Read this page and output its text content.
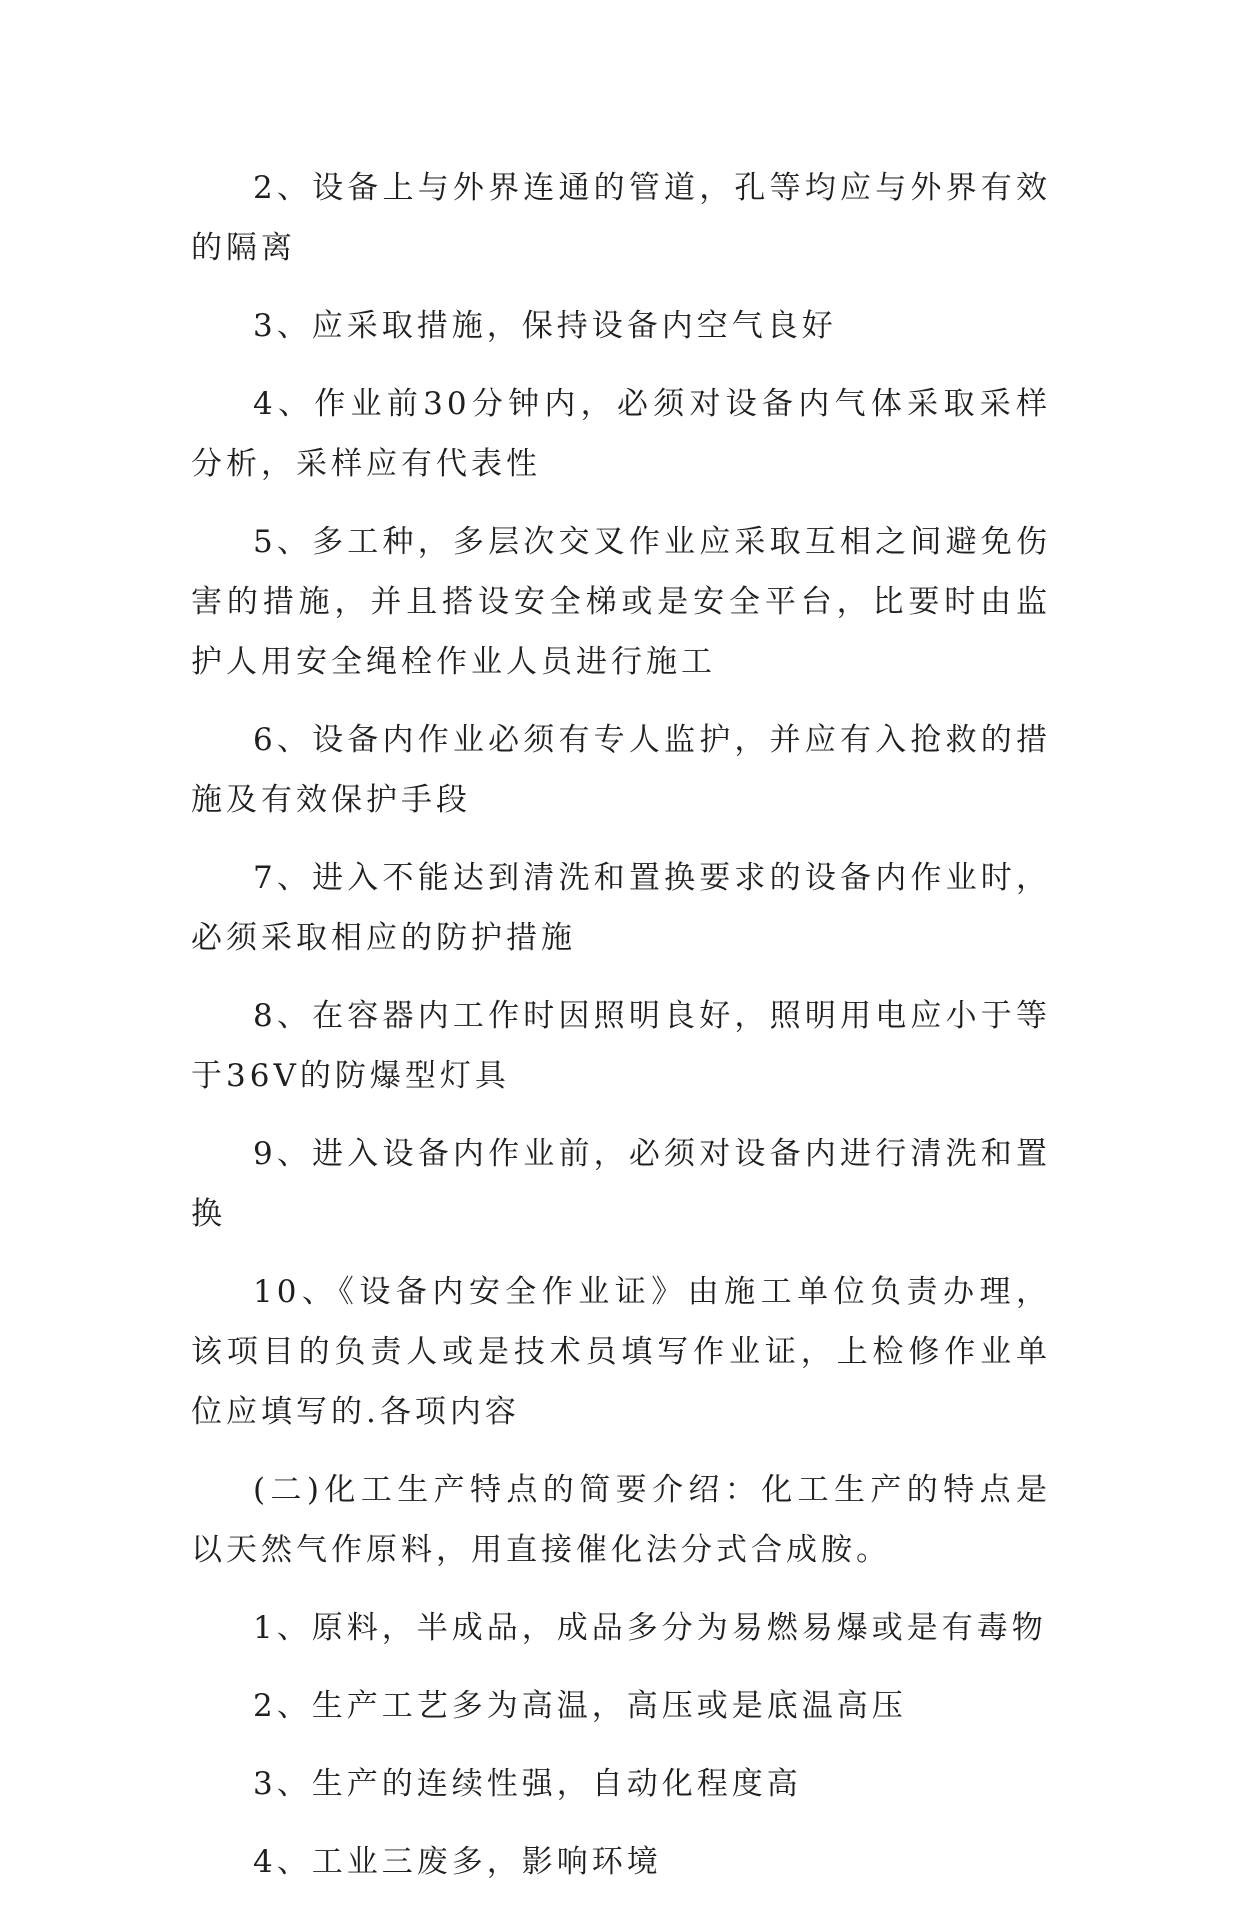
2、设备上与外界连通的管道，孔等均应与外界有效的隔离

3、应采取措施，保持设备内空气良好

4、作业前30分钟内，必须对设备内气体采取采样分析，采样应有代表性

5、多工种，多层次交叉作业应采取互相之间避免伤害的措施，并且搭设安全梯或是安全平台，比要时由监护人用安全绳栓作业人员进行施工

6、设备内作业必须有专人监护，并应有入抢救的措施及有效保护手段

7、进入不能达到清洗和置换要求的设备内作业时，必须采取相应的防护措施

8、在容器内工作时因照明良好，照明用电应小于等于36V的防爆型灯具

9、进入设备内作业前，必须对设备内进行清洗和置换

10、《设备内安全作业证》由施工单位负责办理，该项目的负责人或是技术员填写作业证，上检修作业单位应填写的.各项内容

(二)化工生产特点的简要介绍：化工生产的特点是以天然气作原料，用直接催化法分式合成胺。

1、原料，半成品，成品多分为易燃易爆或是有毒物

2、生产工艺多为高温，高压或是底温高压

3、生产的连续性强，自动化程度高

4、工业三废多，影响环境
